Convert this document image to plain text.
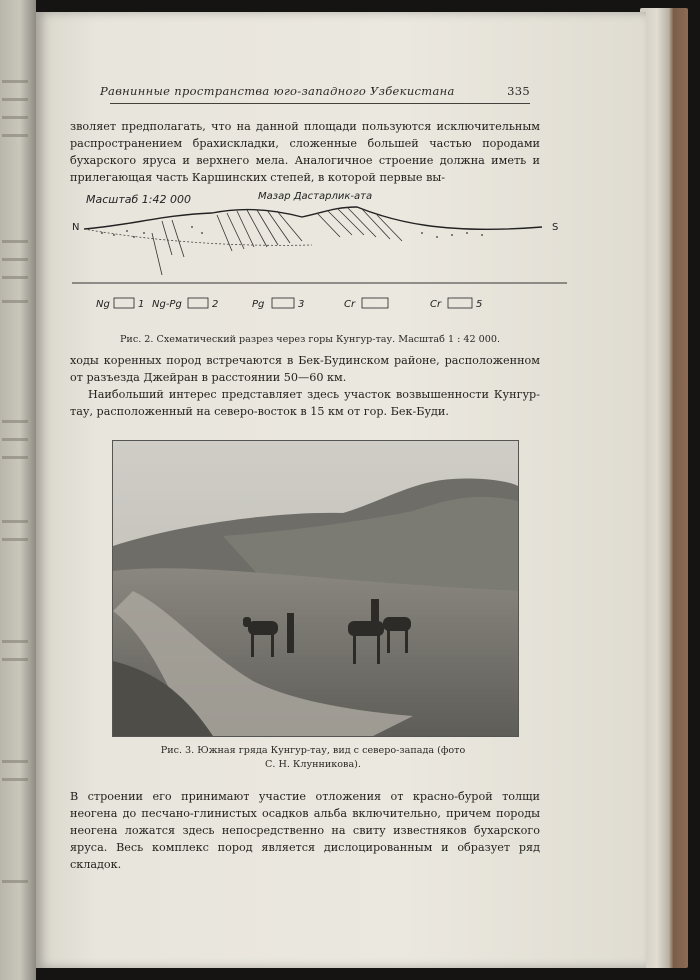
Равнинные пространства юго-западного Узбекистана	335

зволяет предполагать, что на данной площади пользуются исключительным распространением брахискладки, сложенные большей частью породами бухарского яруса и верхнего мела. Аналогичное строение должна иметь и прилегающая часть Каршинских степей, в которой первые вы-

Масштаб 1:42 000	Мазар Дастарлик-ата
N	S
Ng	1 Ng-Pg	2	Pg	3	Cr	Cr	5
Рис. 2. Схематический разрез через горы Кунгур-тау. Масштаб 1 : 42 000.

ходы коренных пород встречаются в Бек-Будинском районе, расположенном от разъезда Джейран в расстоянии 50—60 км.

Наибольший интерес представляет здесь участок возвышенности Кунгур-тау, расположенный на северо-восток в 15 км от гор. Бек-Буди.

Рис. 3. Южная гряда Кунгур-тау, вид с северо-запада (фото
С. Н. Клунникова).

В строении его принимают участие отложения от красно-бурой толщи неогена до песчано-глинистых осадков альба включительно, причем породы неогена ложатся здесь непосредственно на свиту известняков бухарского яруса. Весь комплекс пород является дислоцированным и образует ряд складок.
